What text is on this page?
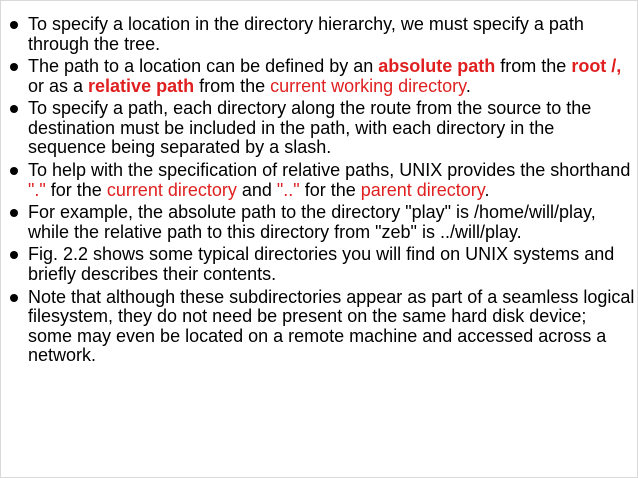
To specify a location in the directory hierarchy, we must specify a path through the tree.
The path to a location can be defined by an absolute path from the root /, or as a relative path from the current working directory.
To specify a path, each directory along the route from the source to the destination must be included in the path, with each directory in the sequence being separated by a slash.
To help with the specification of relative paths, UNIX provides the shorthand "." for the current directory and ".." for the parent directory.
For example, the absolute path to the directory "play" is /home/will/play, while the relative path to this directory from "zeb" is ../will/play.
Fig. 2.2 shows some typical directories you will find on UNIX systems and briefly describes their contents.
Note that although these subdirectories appear as part of a seamless logical filesystem, they do not need be present on the same hard disk device; some may even be located on a remote machine and accessed across a network.
